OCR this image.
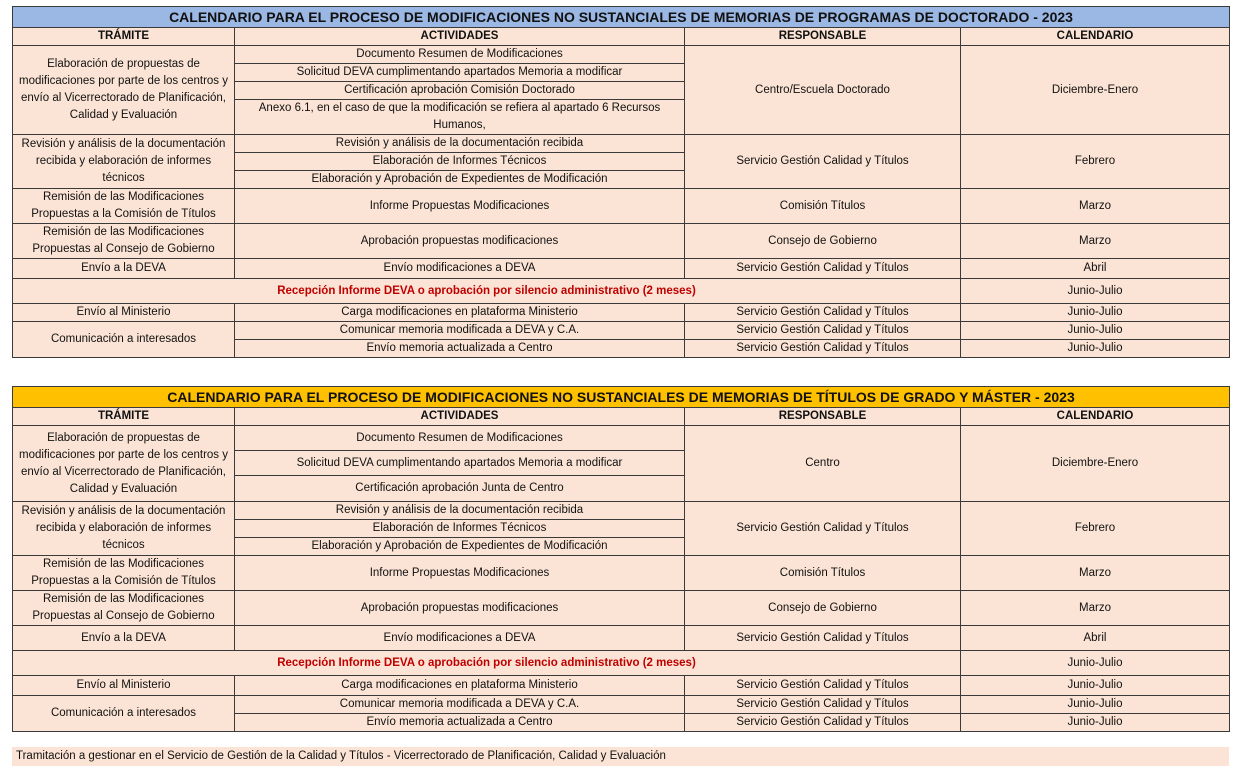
CALENDARIO PARA EL PROCESO DE MODIFICACIONES NO SUSTANCIALES DE MEMORIAS DE PROGRAMAS DE DOCTORADO - 2023			
TRÁMITE	ACTIVIDADES	RESPONSABLE	CALENDARIO
Elaboración de propuestas de modificaciones por parte de los centros y envío al Vicerrectorado de Planificación, Calidad y Evaluación	Documento Resumen de Modificaciones	Centro/Escuela Doctorado	Diciembre-Enero
	Solicitud DEVA cumplimentando apartados Memoria a modificar		
	Certificación aprobación Comisión Doctorado		
	Anexo 6.1, en el caso de que la modificación se refiera al apartado 6 Recursos Humanos,		
Revisión y análisis de la documentación recibida y elaboración de informes técnicos	Revisión y análisis de la documentación recibida	Servicio Gestión Calidad y Títulos	Febrero
	Elaboración de Informes Técnicos		
	Elaboración y Aprobación de Expedientes de Modificación		
Remisión de las Modificaciones Propuestas a la Comisión de Títulos	Informe Propuestas Modificaciones	Comisión Títulos	Marzo
Remisión de las Modificaciones Propuestas al Consejo de Gobierno	Aprobación propuestas modificaciones	Consejo de Gobierno	Marzo
Envío a la DEVA	Envío modificaciones a DEVA	Servicio Gestión Calidad y Títulos	Abril
Recepción Informe DEVA o aprobación por silencio administrativo (2 meses)			Junio-Julio
Envío al Ministerio	Carga modificaciones en plataforma Ministerio	Servicio Gestión Calidad y Títulos	Junio-Julio
Comunicación a interesados	Comunicar memoria modificada a DEVA y C.A.	Servicio Gestión Calidad y Títulos	Junio-Julio
	Envío memoria actualizada a Centro	Servicio Gestión Calidad y Títulos	Junio-Julio
CALENDARIO PARA EL PROCESO DE MODIFICACIONES NO SUSTANCIALES DE MEMORIAS DE TÍTULOS DE GRADO Y MÁSTER - 2023			
TRÁMITE	ACTIVIDADES	RESPONSABLE	CALENDARIO
Elaboración de propuestas de modificaciones por parte de los centros y envío al Vicerrectorado de Planificación, Calidad y Evaluación	Documento Resumen de Modificaciones	Centro	Diciembre-Enero
	Solicitud DEVA cumplimentando apartados Memoria a modificar		
	Certificación aprobación Junta de Centro		
Revisión y análisis de la documentación recibida y elaboración de informes técnicos	Revisión y análisis de la documentación recibida	Servicio Gestión Calidad y Títulos	Febrero
	Elaboración de Informes Técnicos		
	Elaboración y Aprobación de Expedientes de Modificación		
Remisión de las Modificaciones Propuestas a la Comisión de Títulos	Informe Propuestas Modificaciones	Comisión Títulos	Marzo
Remisión de las Modificaciones Propuestas al Consejo de Gobierno	Aprobación propuestas modificaciones	Consejo de Gobierno	Marzo
Envío a la DEVA	Envío modificaciones a DEVA	Servicio Gestión Calidad y Títulos	Abril
Recepción Informe DEVA o aprobación por silencio administrativo (2 meses)			Junio-Julio
Envío al Ministerio	Carga modificaciones en plataforma Ministerio	Servicio Gestión Calidad y Títulos	Junio-Julio
Comunicación a interesados	Comunicar memoria modificada a DEVA y C.A.	Servicio Gestión Calidad y Títulos	Junio-Julio
	Envío memoria actualizada a Centro	Servicio Gestión Calidad y Títulos	Junio-Julio
Tramitación a gestionar en el Servicio de Gestión de la Calidad y Títulos - Vicerrectorado de Planificación, Calidad y Evaluación
